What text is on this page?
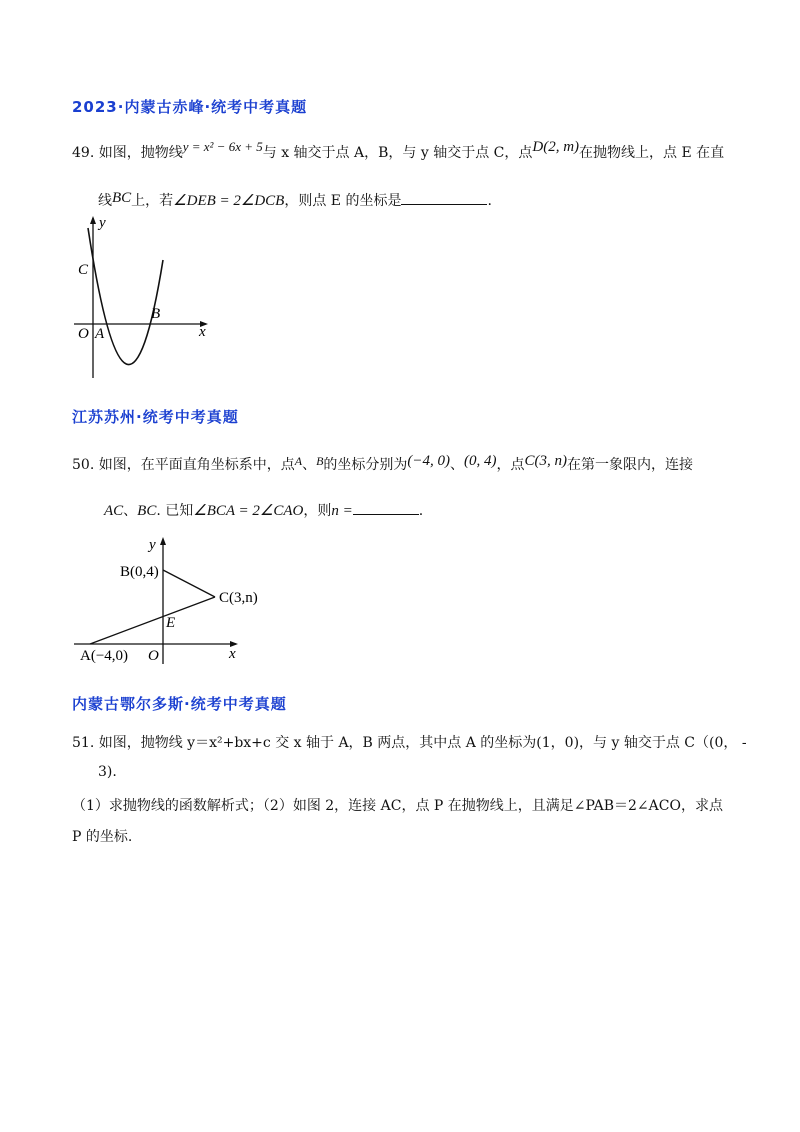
2023·内蒙古赤峰·统考中考真题
49. 如图，抛物线y = x² − 6x + 5与 x 轴交于点 A，B，与 y 轴交于点 C，点D(2, m)在抛物线上，点 E 在直
线BC上，若∠DEB = 2∠DCB，则点 E 的坐标是	.
y
C
O A
B
x
江苏苏州·统考中考真题
50. 如图，在平面直角坐标系中，点A、B的坐标分别为(−4, 0)、(0, 4)，点C(3, n)在第一象限内，连接
AC、BC. 已知∠BCA = 2∠CAO，则n =	.
y
B(0,4)
C(3,n)
E
A(−4,0) O	x
内蒙古鄂尔多斯·统考中考真题
51. 如图，抛物线 y＝x²+bx+c 交 x 轴于 A，B 两点，其中点 A 的坐标为(1，0)，与 y 轴交于点 C（(0， -
3).
（1）求抛物线的函数解析式；（2）如图 2，连接 AC，点 P 在抛物线上，且满足∠PAB＝2∠ACO，求点
P 的坐标.
